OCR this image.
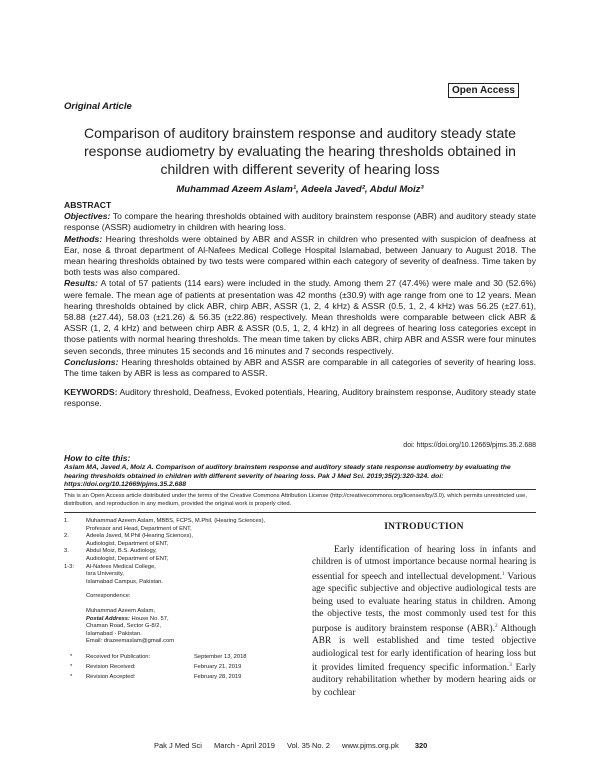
Open Access
Original Article
Comparison of auditory brainstem response and auditory steady state response audiometry by evaluating the hearing thresholds obtained in children with different severity of hearing loss
Muhammad Azeem Aslam¹, Adeela Javed², Abdul Moiz³

ABSTRACT

Objectives: To compare the hearing thresholds obtained with auditory brainstem response (ABR) and auditory steady state response (ASSR) audiometry in children with hearing loss.

Methods: Hearing thresholds were obtained by ABR and ASSR in children who presented with suspicion of deafness at Ear, nose & throat department of Al-Nafees Medical College Hospital Islamabad, between January to August 2018. The mean hearing thresholds obtained by two tests were compared within each category of severity of deafness. Time taken by both tests was also compared.

Results: A total of 57 patients (114 ears) were included in the study. Among them 27 (47.4%) were male and 30 (52.6%) were female. The mean age of patients at presentation was 42 months (±30.9) with age range from one to 12 years. Mean hearing thresholds obtained by click ABR, chirp ABR, ASSR (1, 2, 4 kHz) & ASSR (0.5, 1, 2, 4 kHz) was 56.25 (±27.61), 58.88 (±27.44), 58.03 (±21.26) & 56.35 (±22.86) respectively. Mean thresholds were comparable between click ABR & ASSR (1, 2, 4 kHz) and between chirp ABR & ASSR (0.5, 1, 2, 4 kHz) in all degrees of hearing loss categories except in those patients with normal hearing thresholds. The mean time taken by clicks ABR, chirp ABR and ASSR were four minutes seven seconds, three minutes 15 seconds and 16 minutes and 7 seconds respectively.

Conclusions: Hearing thresholds obtained by ABR and ASSR are comparable in all categories of severity of hearing loss. The time taken by ABR is less as compared to ASSR.

KEYWORDS: Auditory threshold, Deafness, Evoked potentials, Hearing, Auditory brainstem response, Auditory steady state response.

doi: https://doi.org/10.12669/pjms.35.2.688
How to cite this:
Aslam MA, Javed A, Moiz A. Comparison of auditory brainstem response and auditory steady state response audiometry by evaluating the hearing thresholds obtained in children with different severity of hearing loss. Pak J Med Sci. 2019;35(2):320-324. doi: https://doi.org/10.12669/pjms.35.2.688
This is an Open Access article distributed under the terms of the Creative Commons Attribution License (http://creativecommons.org/licenses/by/3.0), which permits unrestricted use, distribution, and reproduction in any medium, provided the original work is properly cited.
1.	Muhammad Azeem Aslam, MBBS, FCPS, M.Phil. (Hearing Sciences),
Professor and Head, Department of ENT,
2.	Adeela Javed, M.Phil (Hearing Sciences),
Audiologist, Department of ENT,
3.	Abdul Moiz, B.S. Audiology,
Audiologist, Department of ENT,
1-3:	Al-Nafees Medical College,
Isra University,
Islamabad Campus, Pakistan.
Correspondence:
Muhammad Azeem Aslam,
Postal Address: House No. 57,
Chaman Road, Sector G-8/2,
Islamabad - Pakistan.
Email: drazeemaslam@gmail.com
* Received for Publication:	September 13, 2018
* Revision Received:	February 21, 2019
* Revision Accepted:	February 28, 2019
INTRODUCTION

Early identification of hearing loss in infants and children is of utmost importance because normal hearing is essential for speech and intellectual development.$^1$ Various age specific subjective and objective audiological tests are being used to evaluate hearing status in children. Among the objective tests, the most commonly used test for this purpose is auditory brainstem response (ABR).$^2$ Although ABR is well established and time tested objective audiological test for early identification of hearing loss but it provides limited frequency specific information.$^3$ Early auditory rehabilitation whether by modern hearing aids or by cochlear

Pak J Med Sci March - April 2019 Vol. 35 No. 2 www.pjms.org.pk 320
